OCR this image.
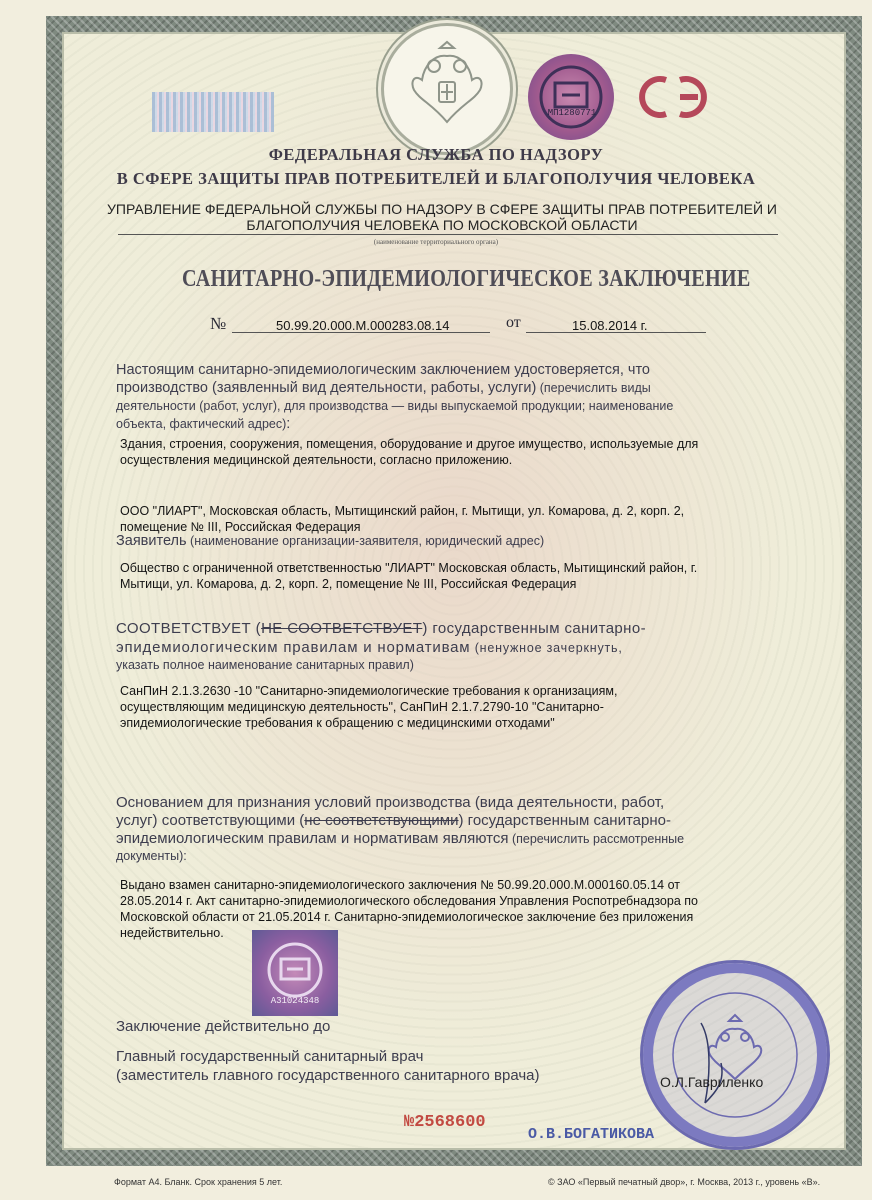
МП1280771
ФЕДЕРАЛЬНАЯ СЛУЖБА ПО НАДЗОРУ
В СФЕРЕ ЗАЩИТЫ ПРАВ ПОТРЕБИТЕЛЕЙ И БЛАГОПОЛУЧИЯ ЧЕЛОВЕКА
УПРАВЛЕНИЕ ФЕДЕРАЛЬНОЙ СЛУЖБЫ ПО НАДЗОРУ В СФЕРЕ ЗАЩИТЫ ПРАВ ПОТРЕБИТЕЛЕЙ И
БЛАГОПОЛУЧИЯ ЧЕЛОВЕКА ПО МОСКОВСКОЙ ОБЛАСТИ
(наименование территориального органа)
САНИТАРНО-ЭПИДЕМИОЛОГИЧЕСКОЕ ЗАКЛЮЧЕНИЕ
№	50.99.20.000.М.000283.08.14	от	15.08.2014 г.
Настоящим санитарно-эпидемиологическим заключением удостоверяется, что
производство (заявленный вид деятельности, работы, услуги) (перечислить виды
деятельности (работ, услуг), для производства — виды выпускаемой продукции; наименование
объекта, фактический адрес):
Здания, строения, сооружения, помещения, оборудование и другое имущество, используемые для
осуществления медицинской деятельности, согласно приложению.
ООО "ЛИАРТ", Московская область, Мытищинский район, г. Мытищи, ул. Комарова, д. 2, корп. 2,
помещение № III, Российская Федерация
Заявитель (наименование организации-заявителя, юридический адрес)
Общество с ограниченной ответственностью "ЛИАРТ" Московская область, Мытищинский район, г.
Мытищи, ул. Комарова, д. 2, корп. 2, помещение № III, Российская Федерация
СООТВЕТСТВУЕТ (НЕ СООТВЕТСТВУЕТ) государственным санитарно-
эпидемиологическим правилам и нормативам (ненужное зачеркнуть,
указать полное наименование санитарных правил)
СанПиН 2.1.3.2630 -10 "Санитарно-эпидемиологические требования к организациям,
осуществляющим медицинскую деятельность", СанПиН 2.1.7.2790-10 "Санитарно-
эпидемиологические требования к обращению с медицинскими отходами"
Основанием для признания условий производства (вида деятельности, работ,
услуг) соответствующими (не соответствующими) государственным санитарно-
эпидемиологическим правилам и нормативам являются (перечислить рассмотренные
документы):
Выдано взамен санитарно-эпидемиологического заключения № 50.99.20.000.М.000160.05.14 от
28.05.2014 г. Акт санитарно-эпидемиологического обследования Управления Роспотребнадзора по
Московской области от 21.05.2014 г. Санитарно-эпидемиологическое заключение без приложения
недействительно.
А31024348
Заключение действительно до
Главный государственный санитарный врач
(заместитель главного государственного санитарного врача)	О.Л.Гавриленко
№2568600
О.В.БОГАТИКОВА
Формат А4. Бланк. Срок хранения 5 лет.	© ЗАО «Первый печатный двор», г. Москва, 2013 г., уровень «В».
